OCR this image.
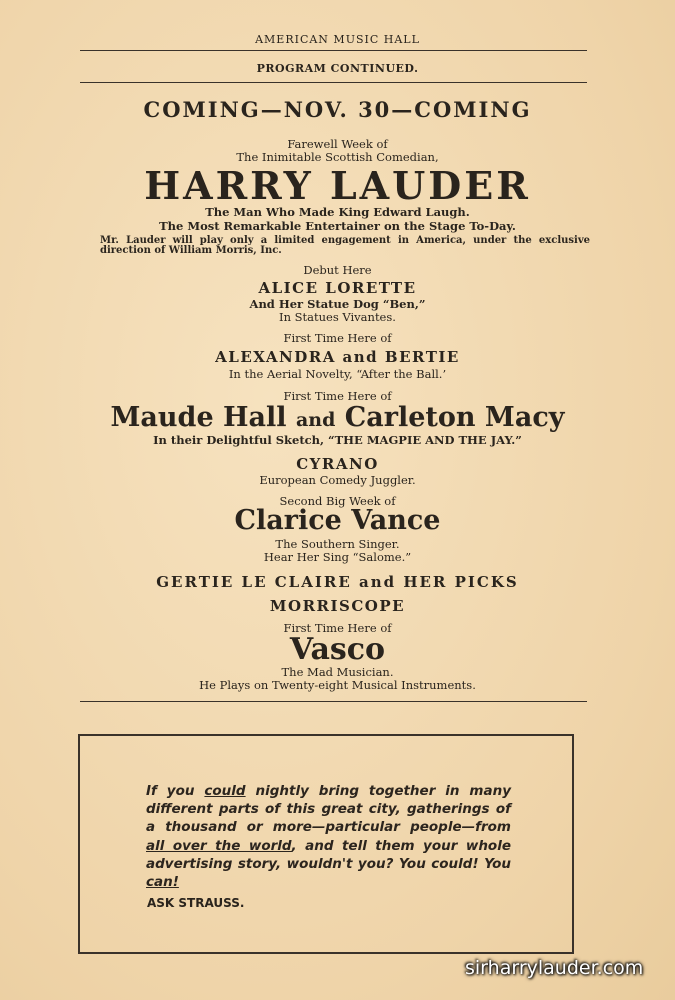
AMERICAN MUSIC HALL
PROGRAM CONTINUED.
COMING—NOV. 30—COMING
Farewell Week of
The Inimitable Scottish Comedian,
HARRY LAUDER
The Man Who Made King Edward Laugh.
The Most Remarkable Entertainer on the Stage To-Day.
Mr. Lauder will play only a limited engagement in America, under the exclusive direction of William Morris, Inc.
Debut Here
ALICE LORETTE
And Her Statue Dog “Ben,”
In Statues Vivantes.
First Time Here of
ALEXANDRA and BERTIE
In the Aerial Novelty, “After the Ball.’
First Time Here of
Maude Hall and Carleton Macy
In their Delightful Sketch, “THE MAGPIE AND THE JAY.”
CYRANO
European Comedy Juggler.
Second Big Week of
Clarice Vance
The Southern Singer.
Hear Her Sing “Salome.”
GERTIE LE CLAIRE and HER PICKS
MORRISCOPE
First Time Here of
Vasco
The Mad Musician.
He Plays on Twenty-eight Musical Instruments.
If you could nightly bring together in many different parts of this great city, gatherings of a thousand or more—particular people—from all over the world, and tell them your whole advertising story, wouldn't you? You could! You can!
ASK STRAUSS.
sirharrylauder.com
